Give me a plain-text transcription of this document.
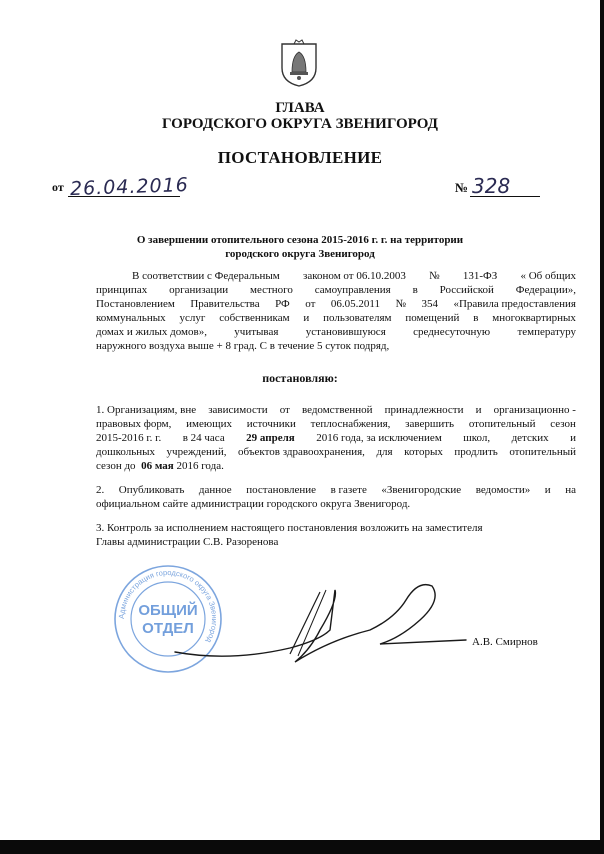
ГЛАВА
ГОРОДСКОГО ОКРУГА ЗВЕНИГОРОД
ПОСТАНОВЛЕНИЕ
от 26.04.2016	№ 328
О завершении отопительного сезона 2015-2016 г. г. на территории
городского округа Звенигород
В соответствии с Федеральным законом от 06.10.2003 № 131-ФЗ « Об общих
принципах организации местного самоуправления в Российской Федерации»,
Постановлением Правительства РФ от 06.05.2011 № 354 «Правила предоставления
коммунальных услуг собственникам и пользователям помещений в многоквартирных
домах и жилых домов», учитывая установившуюся среднесуточную температуру
наружного воздуха выше + 8 град. С в течение 5 суток подряд,
постановляю:
1. Организациям, вне зависимости от ведомственной принадлежности и организационно -
правовых форм, имеющих источники теплоснабжения, завершить отопительный сезон
2015-2016 г. г. в 24 часа 29 апреля 2016 года, за исключением школ, детских и
дошкольных учреждений, объектов здравоохранения, для которых продлить отопительный
сезон до 06 мая 2016 года.
2. Опубликовать данное постановление в газете «Звенигородские ведомости» и на
официальном сайте администрации городского округа Звенигород.
3. Контроль за исполнением настоящего постановления возложить на заместителя
Главы администрации С.В. Разоренова
Администрация городского округа Звенигород
ОБЩИЙ
ОТДЕЛ
А.В. Смирнов
